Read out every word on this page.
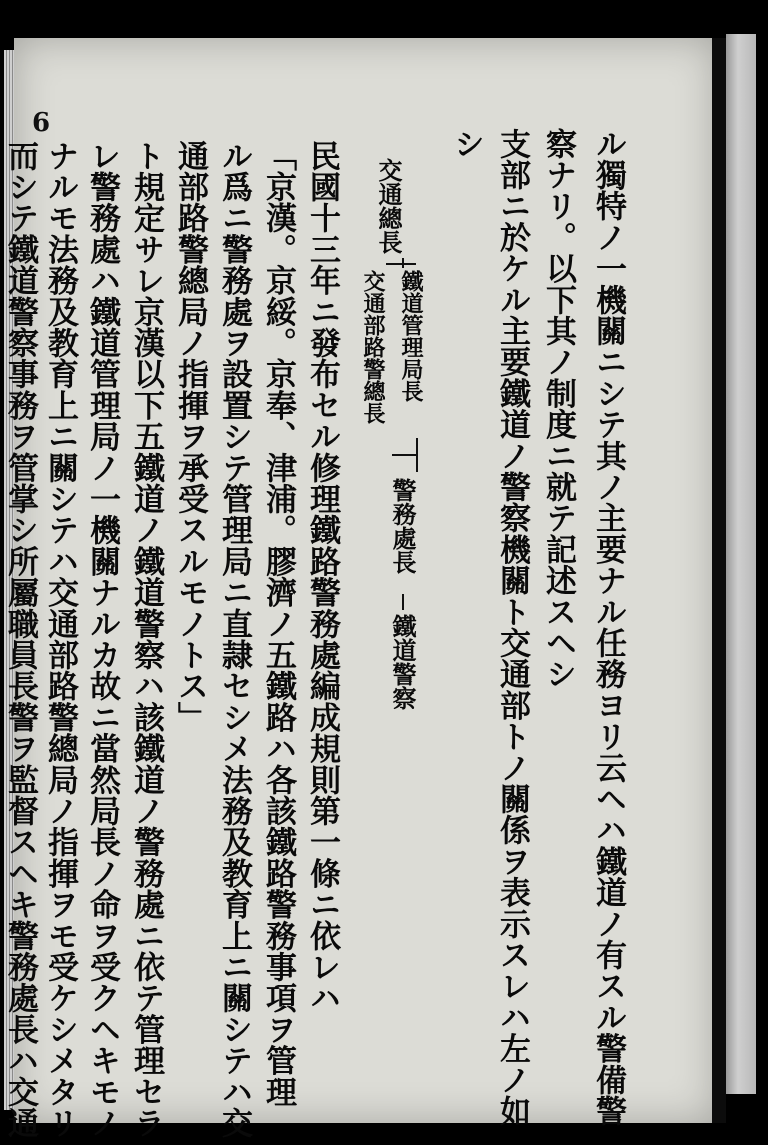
6
ル獨特ノ一機關ニシテ其ノ主要ナル任務ヨリ云ヘハ鐵道ノ有スル警備警
察ナリ。以下其ノ制度ニ就テ記述スヘシ
支部ニ於ケル主要鐵道ノ警察機關ト交通部トノ關係ヲ表示スレハ左ノ如
シ
交通總長
交通部路警總長 鐵道管理局長
警務處長
鐵道警察
民國十三年ニ發布セル修理鐵路警務處編成規則第一條ニ依レハ
「京漢。京綏。京奉、津浦。膠濟ノ五鐵路ハ各該鐵路警務事項ヲ管理
ル爲ニ警務處ヲ設置シテ管理局ニ直隷セシメ法務及教育上ニ關シテハ交
通部路警總局ノ指揮ヲ承受スルモノトス」
ト規定サレ京漢以下五鐵道ノ鐵道警察ハ該鐵道ノ警務處ニ依テ管理セラ
レ警務處ハ鐵道管理局ノ一機關ナルカ故ニ當然局長ノ命ヲ受クヘキモノ
ナルモ法務及教育上ニ關シテハ交通部路警總局ノ指揮ヲモ受ケシメタリ
而シテ鐵道警察事務ヲ管掌シ所屬職員長警ヲ監督スヘキ警務處長ハ交通
